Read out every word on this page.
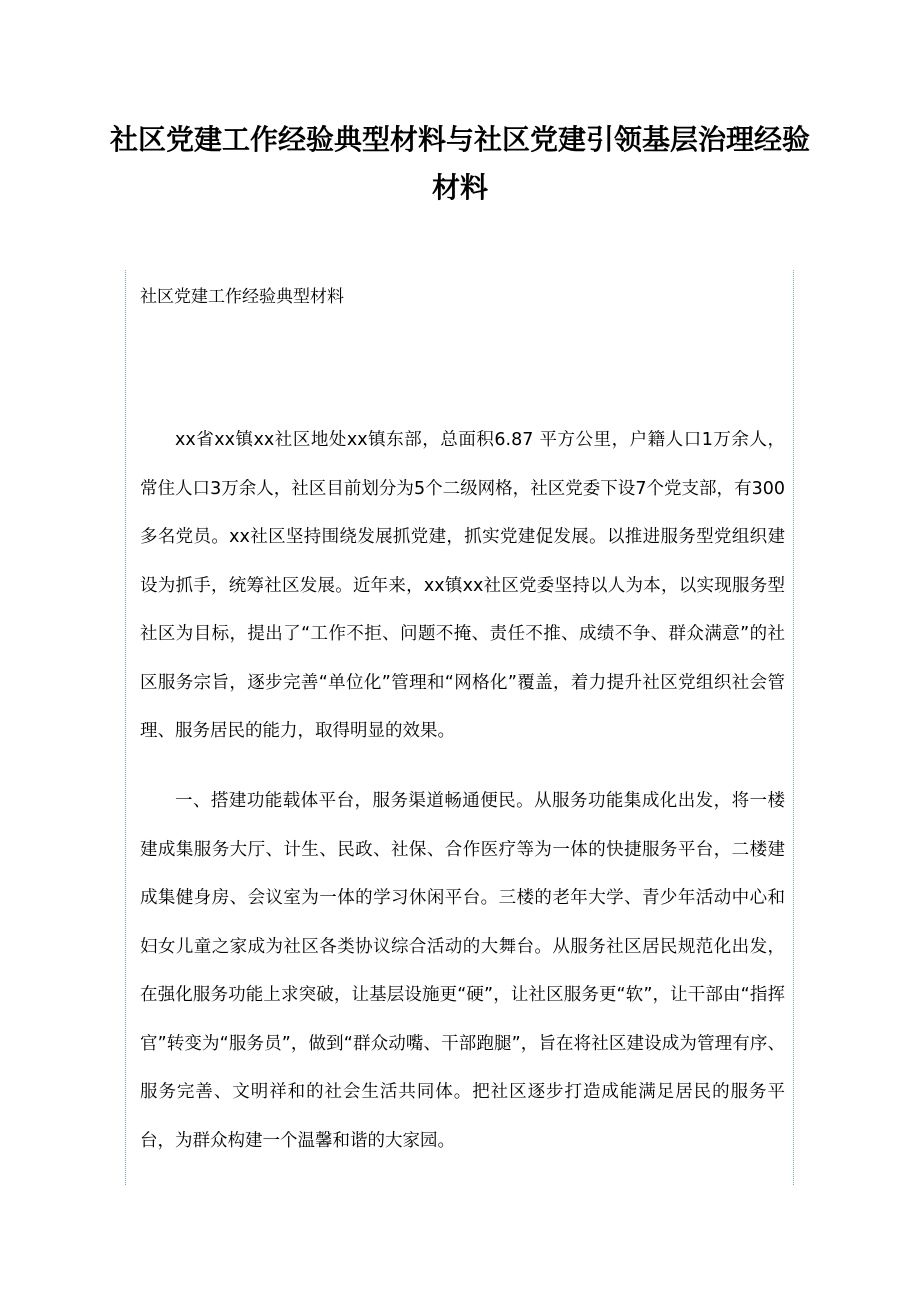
社区党建工作经验典型材料与社区党建引领基层治理经验材料
社区党建工作经验典型材料

xx省xx镇xx社区地处xx镇东部，总面积6.87 平方公里，户籍人口1万余人，常住人口3万余人，社区目前划分为5个二级网格，社区党委下设7个党支部，有300多名党员。xx社区坚持围绕发展抓党建，抓实党建促发展。以推进服务型党组织建设为抓手，统筹社区发展。近年来，xx镇xx社区党委坚持以人为本，以实现服务型社区为目标，提出了“工作不拒、问题不掩、责任不推、成绩不争、群众满意”的社区服务宗旨，逐步完善“单位化”管理和“网格化”覆盖，着力提升社区党组织社会管理、服务居民的能力，取得明显的效果。

一、搭建功能载体平台，服务渠道畅通便民。从服务功能集成化出发，将一楼建成集服务大厅、计生、民政、社保、合作医疗等为一体的快捷服务平台，二楼建成集健身房、会议室为一体的学习休闲平台。三楼的老年大学、青少年活动中心和妇女儿童之家成为社区各类协议综合活动的大舞台。从服务社区居民规范化出发，在强化服务功能上求突破，让基层设施更“硬”，让社区服务更“软”，让干部由“指挥官”转变为“服务员”，做到“群众动嘴、干部跑腿”，旨在将社区建设成为管理有序、服务完善、文明祥和的社会生活共同体。把社区逐步打造成能满足居民的服务平台，为群众构建一个温馨和谐的大家园。
